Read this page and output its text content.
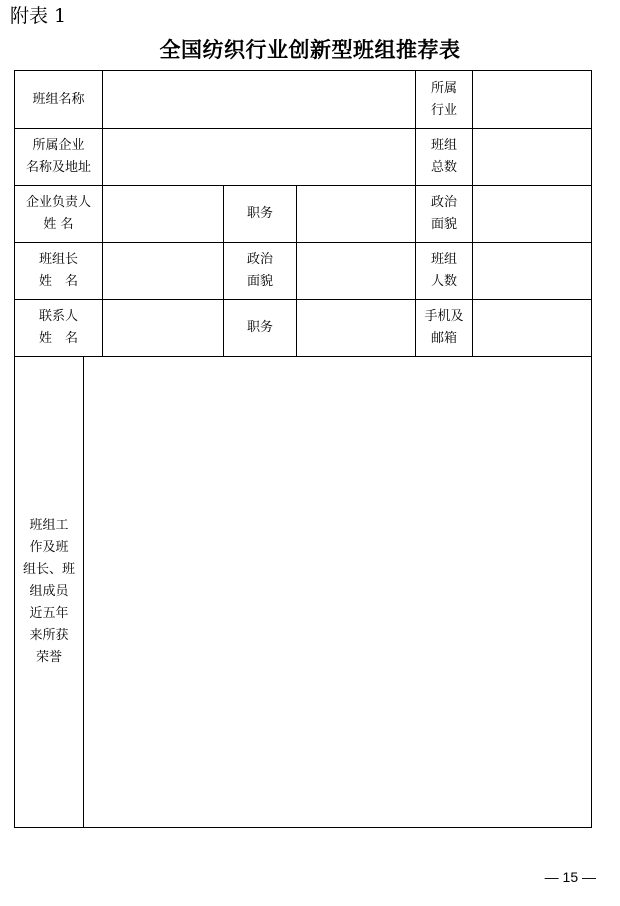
附表 1
全国纺织行业创新型班组推荐表
班组名称
所属
行业
所属企业
名称及地址
班组
总数
企业负责人
姓 名
职务
政治
面貌
班组长
姓　名
政治
面貌
班组
人数
联系人
姓　名
职务
手机及
邮箱
班组工
作及班
组长、班
组成员
近五年
来所获
荣誉
— 15 —
